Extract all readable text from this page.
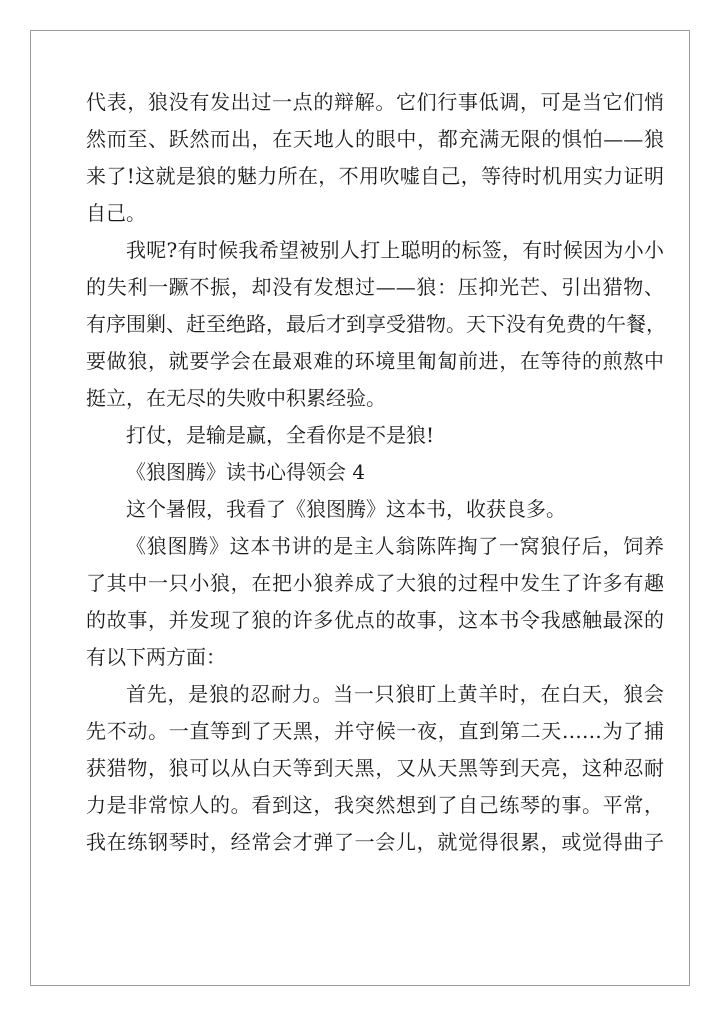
代表，狼没有发出过一点的辩解。它们行事低调，可是当它们悄
然而至、跃然而出，在天地人的眼中，都充满无限的惧怕——狼
来了!这就是狼的魅力所在，不用吹嘘自己，等待时机用实力证明
自己。
我呢?有时候我希望被别人打上聪明的标签，有时候因为小小
的失利一蹶不振，却没有发想过——狼：压抑光芒、引出猎物、
有序围剿、赶至绝路，最后才到享受猎物。天下没有免费的午餐，
要做狼，就要学会在最艰难的环境里匍匐前进，在等待的煎熬中
挺立，在无尽的失败中积累经验。
打仗，是输是赢，全看你是不是狼!
《狼图腾》读书心得领会 4
这个暑假，我看了《狼图腾》这本书，收获良多。
《狼图腾》这本书讲的是主人翁陈阵掏了一窝狼仔后，饲养
了其中一只小狼，在把小狼养成了大狼的过程中发生了许多有趣
的故事，并发现了狼的许多优点的故事，这本书令我感触最深的
有以下两方面：
首先，是狼的忍耐力。当一只狼盯上黄羊时，在白天，狼会
先不动。一直等到了天黑，并守候一夜，直到第二天……为了捕
获猎物，狼可以从白天等到天黑，又从天黑等到天亮，这种忍耐
力是非常惊人的。看到这，我突然想到了自己练琴的事。平常，
我在练钢琴时，经常会才弹了一会儿，就觉得很累，或觉得曲子
